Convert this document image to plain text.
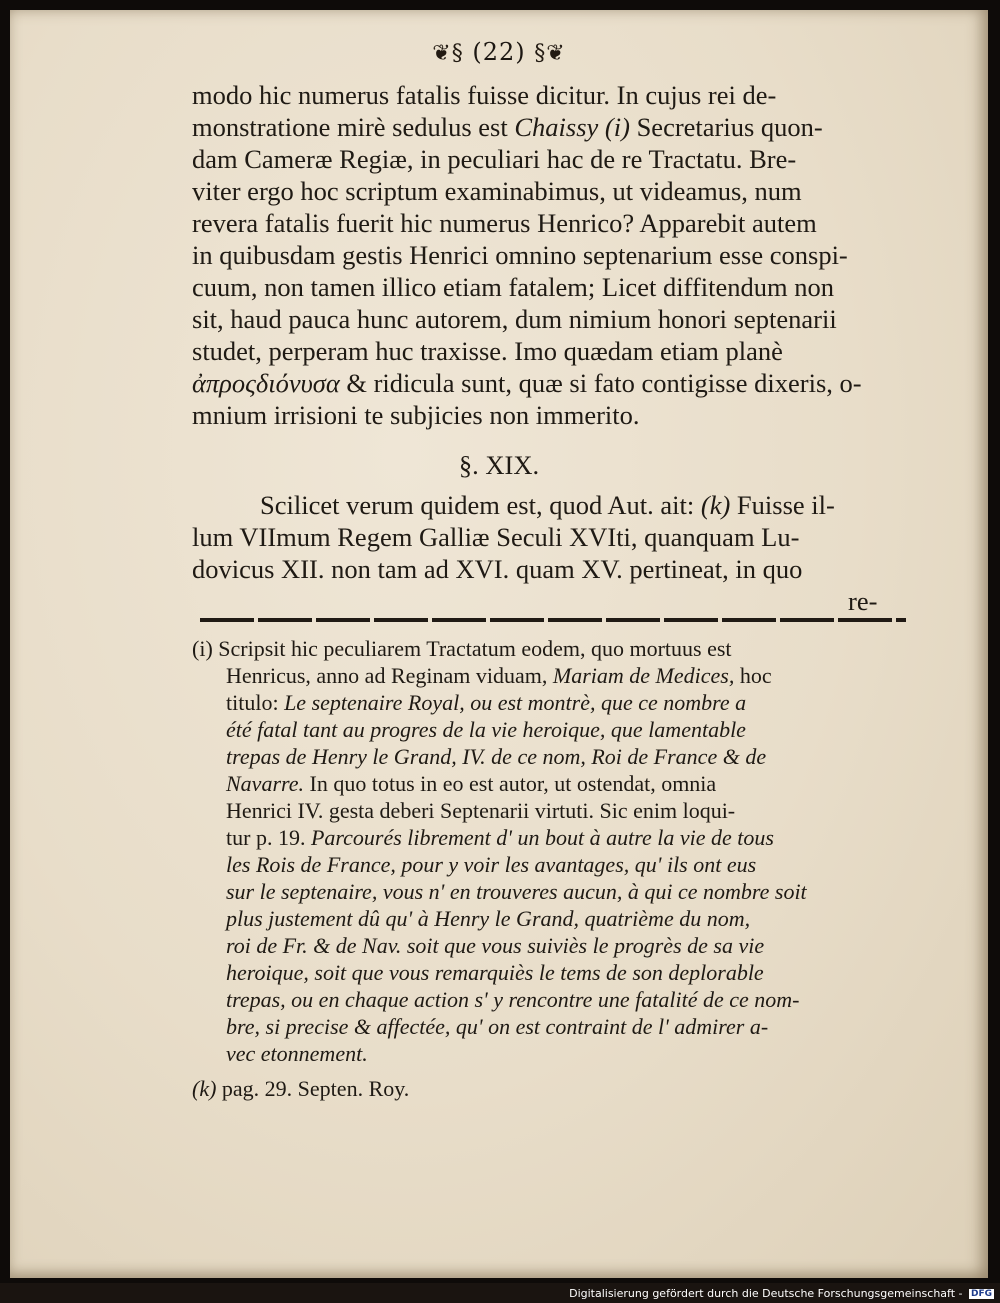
❦§ (22) §❦
modo hic numerus fatalis fuisse dicitur. In cujus rei de-
monstratione mirè sedulus est Chaissy (i) Secretarius quon-
dam Cameræ Regiæ, in peculiari hac de re Tractatu. Bre-
viter ergo hoc scriptum examinabimus, ut videamus, num
revera fatalis fuerit hic numerus Henrico? Apparebit autem
in quibusdam gestis Henrici omnino septenarium esse conspi-
cuum, non tamen illico etiam fatalem; Licet diffitendum non
sit, haud pauca hunc autorem, dum nimium honori septenarii
studet, perperam huc traxisse. Imo quædam etiam planè
ἀπροςδιόνυσα & ridicula sunt, quæ si fato contigisse dixeris, o-
mnium irrisioni te subjicies non immerito.
§. XIX.
Scilicet verum quidem est, quod Aut. ait: (k) Fuisse il-
lum VIImum Regem Galliæ Seculi XVIti, quanquam Lu-
dovicus XII. non tam ad XVI. quam XV. pertineat, in quo
re-
(i) Scripsit hic peculiarem Tractatum eodem, quo mortuus est
Henricus, anno ad Reginam viduam, Mariam de Medices, hoc
titulo: Le septenaire Royal, ou est montrè, que ce nombre a
été fatal tant au progres de la vie heroique, que lamentable
trepas de Henry le Grand, IV. de ce nom, Roi de France & de
Navarre. In quo totus in eo est autor, ut ostendat, omnia
Henrici IV. gesta deberi Septenarii virtuti. Sic enim loqui-
tur p. 19. Parcourés librement d' un bout à autre la vie de tous
les Rois de France, pour y voir les avantages, qu' ils ont eus
sur le septenaire, vous n' en trouveres aucun, à qui ce nombre soit
plus justement dû qu' à Henry le Grand, quatrième du nom,
roi de Fr. & de Nav. soit que vous suiviès le progrès de sa vie
heroique, soit que vous remarquiès le tems de son deplorable
trepas, ou en chaque action s' y rencontre une fatalité de ce nom-
bre, si precise & affectée, qu' on est contraint de l' admirer a-
vec etonnement.
(k) pag. 29. Septen. Roy.
Digitalisierung gefördert durch die Deutsche Forschungsgemeinschaft - DFG
